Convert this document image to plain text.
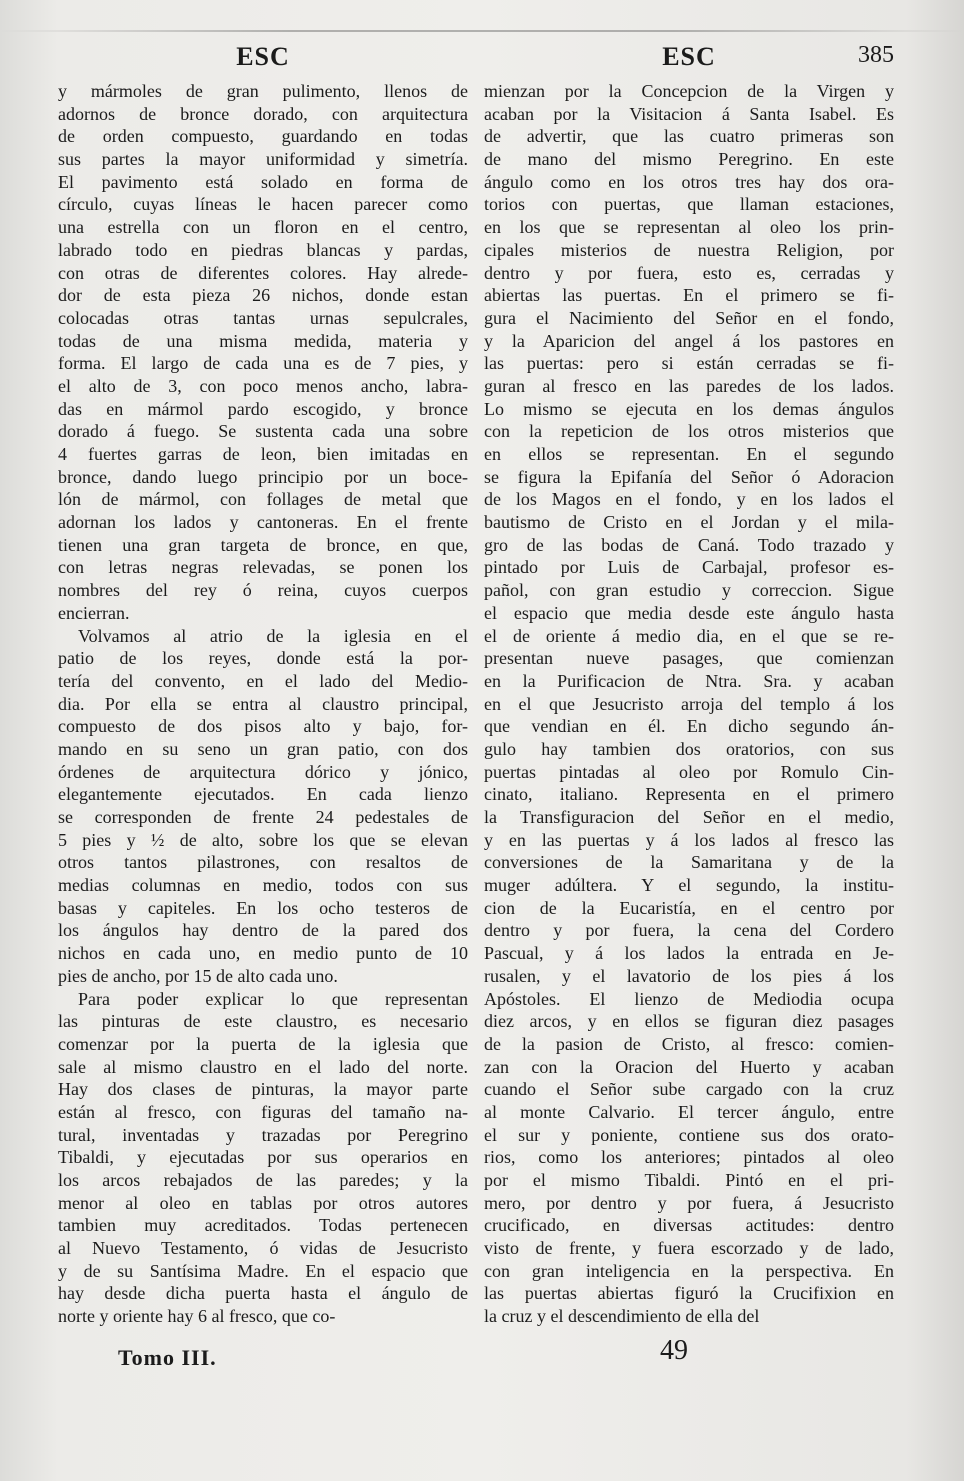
ESC
y mármoles de gran pulimento, llenos de
adornos de bronce dorado, con arquitectura
de orden compuesto, guardando en todas
sus partes la mayor uniformidad y simetría.
El pavimento está solado en forma de
círculo, cuyas líneas le hacen parecer como
una estrella con un floron en el centro,
labrado todo en piedras blancas y pardas,
con otras de diferentes colores. Hay alrede-
dor de esta pieza 26 nichos, donde estan
colocadas otras tantas urnas sepulcrales,
todas de una misma medida, materia y
forma. El largo de cada una es de 7 pies, y
el alto de 3, con poco menos ancho, labra-
das en mármol pardo escogido, y bronce
dorado á fuego. Se sustenta cada una sobre
4 fuertes garras de leon, bien imitadas en
bronce, dando luego principio por un boce-
lón de mármol, con follages de metal que
adornan los lados y cantoneras. En el frente
tienen una gran targeta de bronce, en que,
con letras negras relevadas, se ponen los
nombres del rey ó reina, cuyos cuerpos
encierran.
Volvamos al atrio de la iglesia en el
patio de los reyes, donde está la por-
tería del convento, en el lado del Medio-
dia. Por ella se entra al claustro principal,
compuesto de dos pisos alto y bajo, for-
mando en su seno un gran patio, con dos
órdenes de arquitectura dórico y jónico,
elegantemente ejecutados. En cada lienzo
se corresponden de frente 24 pedestales de
5 pies y ½ de alto, sobre los que se elevan
otros tantos pilastrones, con resaltos de
medias columnas en medio, todos con sus
basas y capiteles. En los ocho testeros de
los ángulos hay dentro de la pared dos
nichos en cada uno, en medio punto de 10
pies de ancho, por 15 de alto cada uno.
Para poder explicar lo que representan
las pinturas de este claustro, es necesario
comenzar por la puerta de la iglesia que
sale al mismo claustro en el lado del norte.
Hay dos clases de pinturas, la mayor parte
están al fresco, con figuras del tamaño na-
tural, inventadas y trazadas por Peregrino
Tibaldi, y ejecutadas por sus operarios en
los arcos rebajados de las paredes; y la
menor al oleo en tablas por otros autores
tambien muy acreditados. Todas pertenecen
al Nuevo Testamento, ó vidas de Jesucristo
y de su Santísima Madre. En el espacio que
hay desde dicha puerta hasta el ángulo de
norte y oriente hay 6 al fresco, que co-
ESC	385
mienzan por la Concepcion de la Virgen y
acaban por la Visitacion á Santa Isabel. Es
de advertir, que las cuatro primeras son
de mano del mismo Peregrino. En este
ángulo como en los otros tres hay dos ora-
torios con puertas, que llaman estaciones,
en los que se representan al oleo los prin-
cipales misterios de nuestra Religion, por
dentro y por fuera, esto es, cerradas y
abiertas las puertas. En el primero se fi-
gura el Nacimiento del Señor en el fondo,
y la Aparicion del angel á los pastores en
las puertas: pero si están cerradas se fi-
guran al fresco en las paredes de los lados.
Lo mismo se ejecuta en los demas ángulos
con la repeticion de los otros misterios que
en ellos se representan. En el segundo
se figura la Epifanía del Señor ó Adoracion
de los Magos en el fondo, y en los lados el
bautismo de Cristo en el Jordan y el mila-
gro de las bodas de Caná. Todo trazado y
pintado por Luis de Carbajal, profesor es-
pañol, con gran estudio y correccion. Sigue
el espacio que media desde este ángulo hasta
el de oriente á medio dia, en el que se re-
presentan nueve pasages, que comienzan
en la Purificacion de Ntra. Sra. y acaban
en el que Jesucristo arroja del templo á los
que vendian en él. En dicho segundo án-
gulo hay tambien dos oratorios, con sus
puertas pintadas al oleo por Romulo Cin-
cinato, italiano. Representa en el primero
la Transfiguracion del Señor en el medio,
y en las puertas y á los lados al fresco las
conversiones de la Samaritana y de la
muger adúltera. Y el segundo, la institu-
cion de la Eucaristía, en el centro por
dentro y por fuera, la cena del Cordero
Pascual, y á los lados la entrada en Je-
rusalen, y el lavatorio de los pies á los
Apóstoles. El lienzo de Mediodia ocupa
diez arcos, y en ellos se figuran diez pasages
de la pasion de Cristo, al fresco: comien-
zan con la Oracion del Huerto y acaban
cuando el Señor sube cargado con la cruz
al monte Calvario. El tercer ángulo, entre
el sur y poniente, contiene sus dos orato-
rios, como los anteriores; pintados al oleo
por el mismo Tibaldi. Pintó en el pri-
mero, por dentro y por fuera, á Jesucristo
crucificado, en diversas actitudes: dentro
visto de frente, y fuera escorzado y de lado,
con gran inteligencia en la perspectiva. En
las puertas abiertas figuró la Crucifixion en
la cruz y el descendimiento de ella del
Tomo III.	49
